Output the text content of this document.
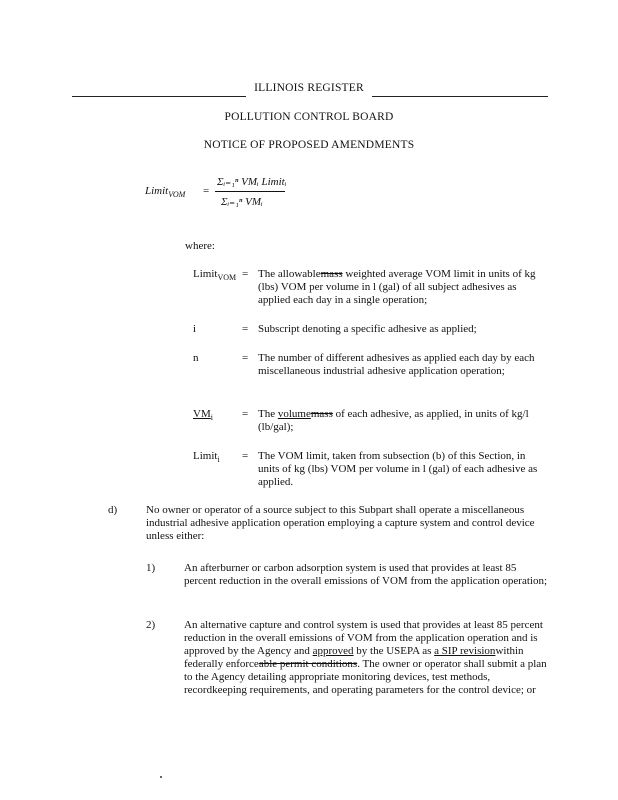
ILLINOIS REGISTER
POLLUTION CONTROL BOARD
NOTICE OF PROPOSED AMENDMENTS
Limit$_{VOM}$ =
Σᵢ₌₁ⁿ VMᵢ Limitᵢ
Σᵢ₌₁ⁿ VMᵢ
where:
Limit$_{VOM}$ = The allowablemass weighted average VOM limit in units of kg (lbs) VOM per volume in l (gal) of all subject adhesives as applied each day in a single operation;
i	= Subscript denoting a specific adhesive as applied;
n	= The number of different adhesives as applied each day by each miscellaneous industrial adhesive application operation;
$VM_i$	= The volumemass of each adhesive, as applied, in units of kg/l (lb/gal);
Limit$_i$ = The VOM limit, taken from subsection (b) of this Section, in units of kg (lbs) VOM per volume in l (gal) of each adhesive as applied.
d)	No owner or operator of a source subject to this Subpart shall operate a miscellaneous industrial adhesive application operation employing a capture system and control device unless either:
1)	An afterburner or carbon adsorption system is used that provides at least 85 percent reduction in the overall emissions of VOM from the application operation;
2)	An alternative capture and control system is used that provides at least 85 percent reduction in the overall emissions of VOM from the application operation and is approved by the Agency and approved by the USEPA as a SIP revisionwithin federally enforceable permit conditions. The owner or operator shall submit a plan to the Agency detailing appropriate monitoring devices, test methods, recordkeeping requirements, and operating parameters for the control device; or
